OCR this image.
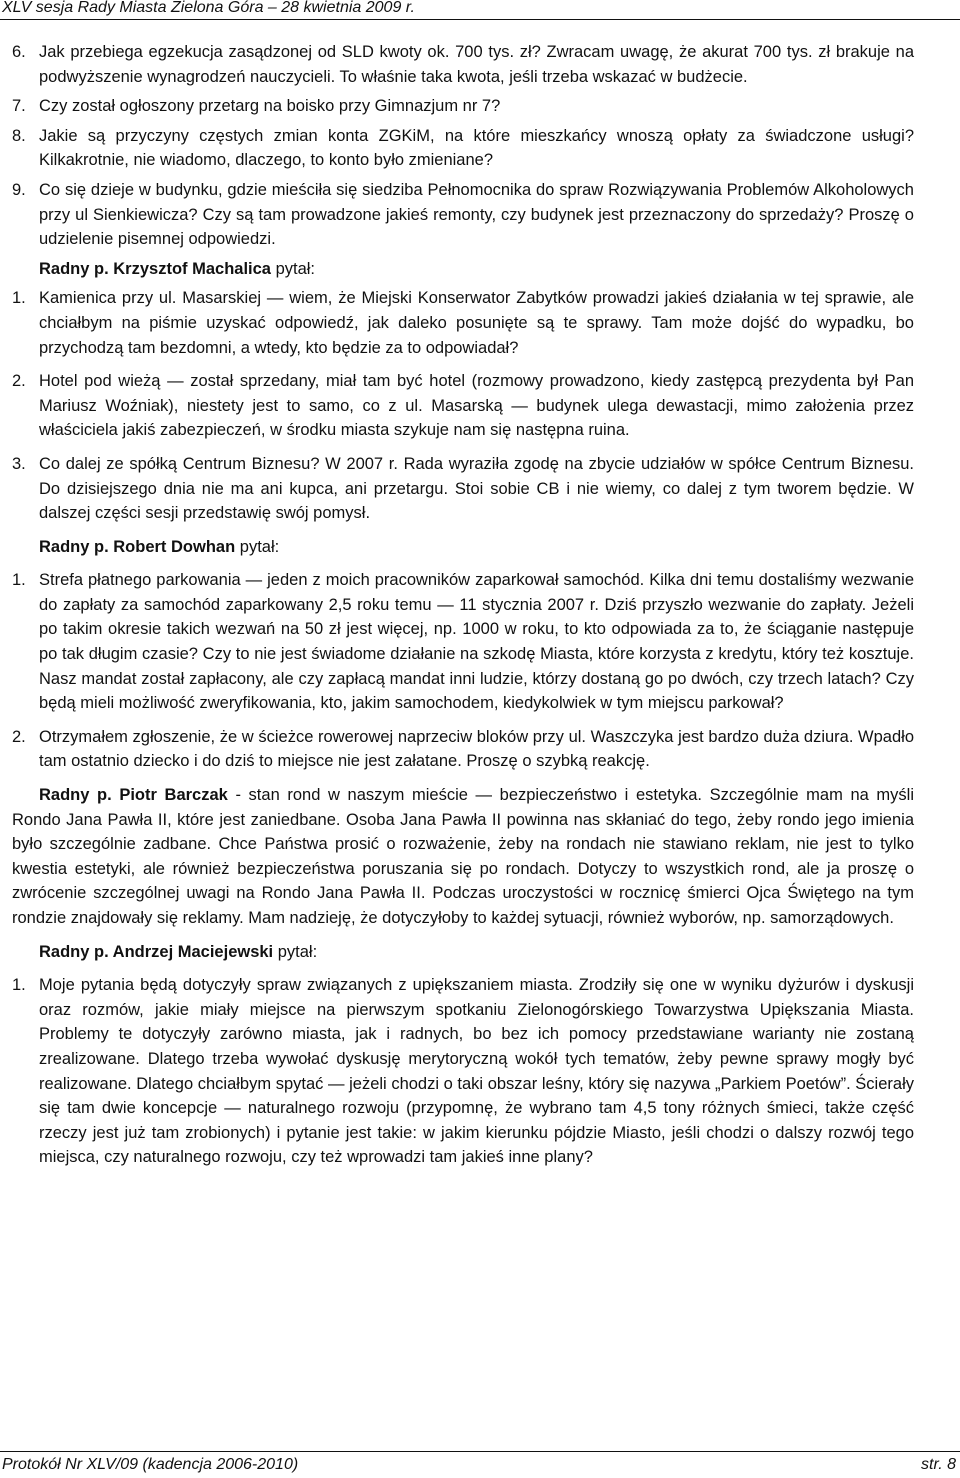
XLV sesja Rady Miasta Zielona Góra – 28 kwietnia 2009 r.

6. Jak przebiega egzekucja zasądzonej od SLD kwoty ok. 700 tys. zł? Zwracam uwagę, że akurat 700 tys. zł brakuje na podwyższenie wynagrodzeń nauczycieli. To właśnie taka kwota, jeśli trzeba wskazać w budżecie.

7. Czy został ogłoszony przetarg na boisko przy Gimnazjum nr 7?

8. Jakie są przyczyny częstych zmian konta ZGKiM, na które mieszkańcy wnoszą opłaty za świadczone usługi? Kilkakrotnie, nie wiadomo, dlaczego, to konto było zmieniane?

9. Co się dzieje w budynku, gdzie mieściła się siedziba Pełnomocnika do spraw Rozwiązywania Problemów Alkoholowych przy ul Sienkiewicza? Czy są tam prowadzone jakieś remonty, czy budynek jest przeznaczony do sprzedaży? Proszę o udzielenie pisemnej odpowiedzi.

Radny p. Krzysztof Machalica pytał:

1. Kamienica przy ul. Masarskiej — wiem, że Miejski Konserwator Zabytków prowadzi jakieś działania w tej sprawie, ale chciałbym na piśmie uzyskać odpowiedź, jak daleko posunięte są te sprawy. Tam może dojść do wypadku, bo przychodzą tam bezdomni, a wtedy, kto będzie za to odpowiadał?

2. Hotel pod wieżą — został sprzedany, miał tam być hotel (rozmowy prowadzono, kiedy zastępcą prezydenta był Pan Mariusz Woźniak), niestety jest to samo, co z ul. Masarską — budynek ulega dewastacji, mimo założenia przez właściciela jakiś zabezpieczeń, w środku miasta szykuje nam się następna ruina.

3. Co dalej ze spółką Centrum Biznesu? W 2007 r. Rada wyraziła zgodę na zbycie udziałów w spółce Centrum Biznesu. Do dzisiejszego dnia nie ma ani kupca, ani przetargu. Stoi sobie CB i nie wiemy, co dalej z tym tworem będzie. W dalszej części sesji przedstawię swój pomysł.

Radny p. Robert Dowhan pytał:

1. Strefa płatnego parkowania — jeden z moich pracowników zaparkował samochód. Kilka dni temu dostaliśmy wezwanie do zapłaty za samochód zaparkowany 2,5 roku temu — 11 stycznia 2007 r. Dziś przyszło wezwanie do zapłaty. Jeżeli po takim okresie takich wezwań na 50 zł jest więcej, np. 1000 w roku, to kto odpowiada za to, że ściąganie następuje po tak długim czasie? Czy to nie jest świadome działanie na szkodę Miasta, które korzysta z kredytu, który też kosztuje. Nasz mandat został zapłacony, ale czy zapłacą mandat inni ludzie, którzy dostaną go po dwóch, czy trzech latach? Czy będą mieli możliwość zweryfikowania, kto, jakim samochodem, kiedykolwiek w tym miejscu parkował?

2. Otrzymałem zgłoszenie, że w ścieżce rowerowej naprzeciw bloków przy ul. Waszczyka jest bardzo duża dziura. Wpadło tam ostatnio dziecko i do dziś to miejsce nie jest załatane. Proszę o szybką reakcję.

Radny p. Piotr Barczak - stan rond w naszym mieście — bezpieczeństwo i estetyka. Szczególnie mam na myśli Rondo Jana Pawła II, które jest zaniedbane. Osoba Jana Pawła II powinna nas skłaniać do tego, żeby rondo jego imienia było szczególnie zadbane. Chce Państwa prosić o rozważenie, żeby na rondach nie stawiano reklam, nie jest to tylko kwestia estetyki, ale również bezpieczeństwa poruszania się po rondach. Dotyczy to wszystkich rond, ale ja proszę o zwrócenie szczególnej uwagi na Rondo Jana Pawła II. Podczas uroczystości w rocznicę śmierci Ojca Świętego na tym rondzie znajdowały się reklamy. Mam nadzieję, że dotyczyłoby to każdej sytuacji, również wyborów, np. samorządowych.

Radny p. Andrzej Maciejewski pytał:

1. Moje pytania będą dotyczyły spraw związanych z upiększaniem miasta. Zrodziły się one w wyniku dyżurów i dyskusji oraz rozmów, jakie miały miejsce na pierwszym spotkaniu Zielonogórskiego Towarzystwa Upiększania Miasta. Problemy te dotyczyły zarówno miasta, jak i radnych, bo bez ich pomocy przedstawiane warianty nie zostaną zrealizowane. Dlatego trzeba wywołać dyskusję merytoryczną wokół tych tematów, żeby pewne sprawy mogły być realizowane. Dlatego chciałbym spytać — jeżeli chodzi o taki obszar leśny, który się nazywa „Parkiem Poetów”. Ścierały się tam dwie koncepcje — naturalnego rozwoju (przypomnę, że wybrano tam 4,5 tony różnych śmieci, także część rzeczy jest już tam zrobionych) i pytanie jest takie: w jakim kierunku pójdzie Miasto, jeśli chodzi o dalszy rozwój tego miejsca, czy naturalnego rozwoju, czy też wprowadzi tam jakieś inne plany?

Protokół Nr XLV/09 (kadencja 2006-2010)	str. 8
